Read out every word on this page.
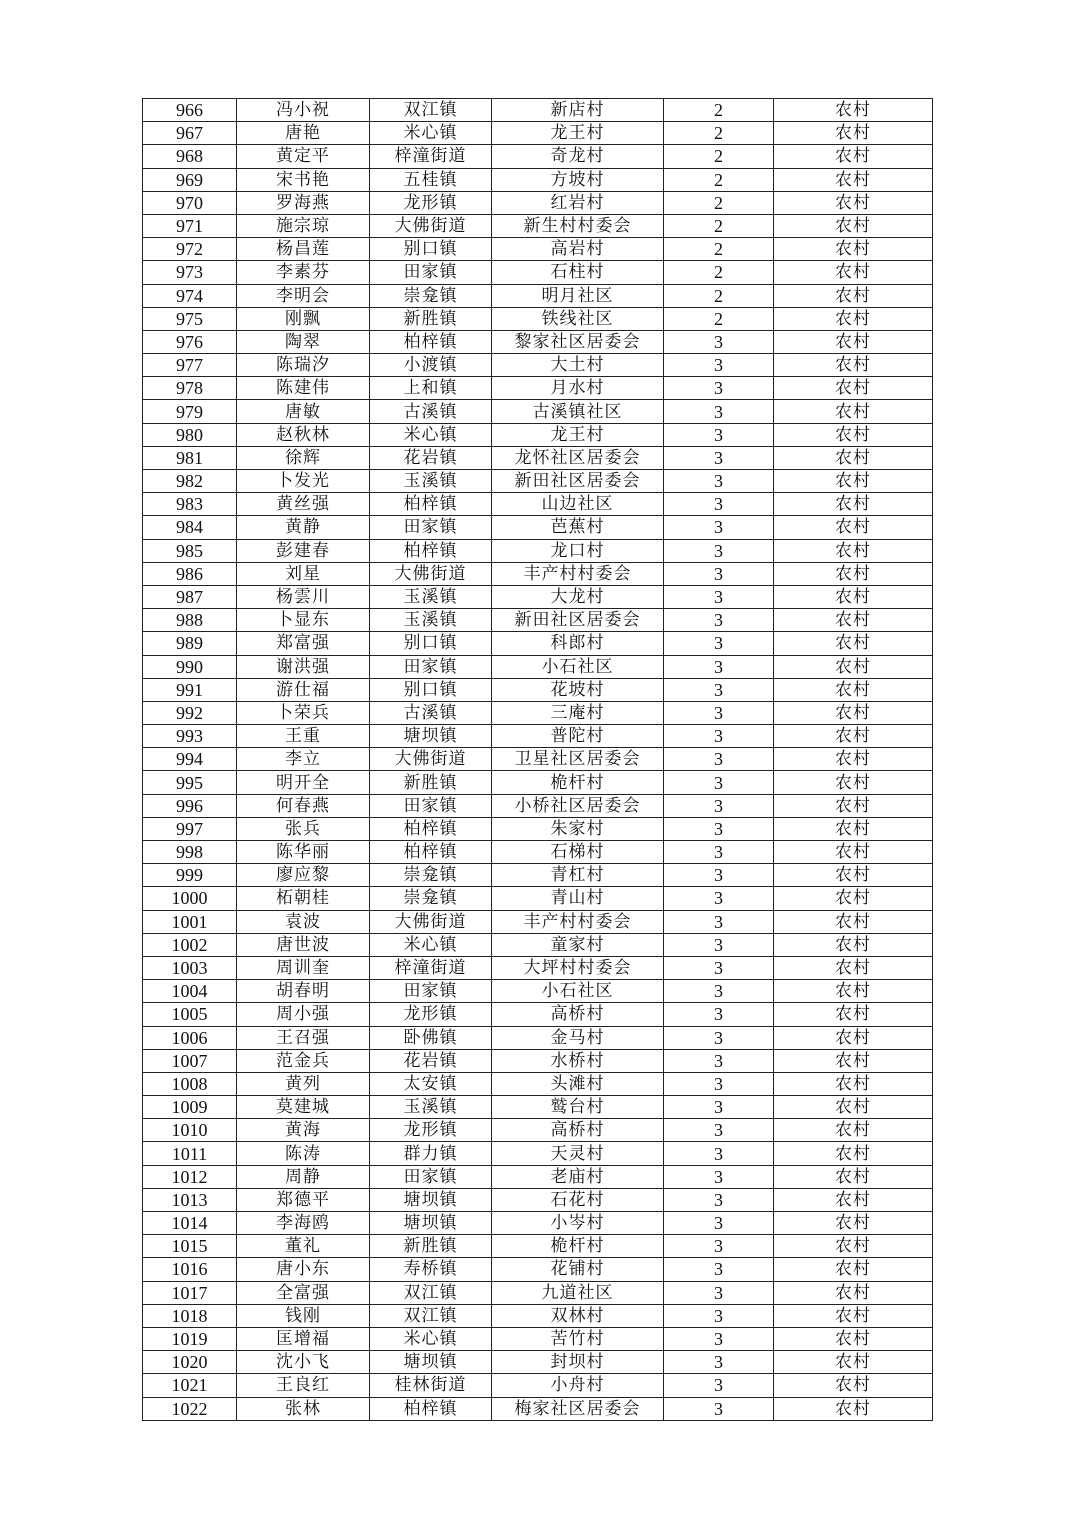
966	冯小祝	双江镇	新店村	2	农村
967	唐艳	米心镇	龙王村	2	农村
968	黄定平	梓潼街道	奇龙村	2	农村
969	宋书艳	五桂镇	方坡村	2	农村
970	罗海燕	龙形镇	红岩村	2	农村
971	施宗琼	大佛街道	新生村村委会	2	农村
972	杨昌莲	别口镇	高岩村	2	农村
973	李素芬	田家镇	石柱村	2	农村
974	李明会	崇龛镇	明月社区	2	农村
975	刚飘	新胜镇	铁线社区	2	农村
976	陶翠	柏梓镇	黎家社区居委会	3	农村
977	陈瑞汐	小渡镇	大土村	3	农村
978	陈建伟	上和镇	月水村	3	农村
979	唐敏	古溪镇	古溪镇社区	3	农村
980	赵秋林	米心镇	龙王村	3	农村
981	徐辉	花岩镇	龙怀社区居委会	3	农村
982	卜发光	玉溪镇	新田社区居委会	3	农村
983	黄丝强	柏梓镇	山边社区	3	农村
984	黄静	田家镇	芭蕉村	3	农村
985	彭建春	柏梓镇	龙口村	3	农村
986	刘星	大佛街道	丰产村村委会	3	农村
987	杨雲川	玉溪镇	大龙村	3	农村
988	卜显东	玉溪镇	新田社区居委会	3	农村
989	郑富强	别口镇	科郎村	3	农村
990	谢洪强	田家镇	小石社区	3	农村
991	游仕福	别口镇	花坡村	3	农村
992	卜荣兵	古溪镇	三庵村	3	农村
993	王重	塘坝镇	普陀村	3	农村
994	李立	大佛街道	卫星社区居委会	3	农村
995	明开全	新胜镇	桅杆村	3	农村
996	何春燕	田家镇	小桥社区居委会	3	农村
997	张兵	柏梓镇	朱家村	3	农村
998	陈华丽	柏梓镇	石梯村	3	农村
999	廖应黎	崇龛镇	青杠村	3	农村
1000	柘朝桂	崇龛镇	青山村	3	农村
1001	袁波	大佛街道	丰产村村委会	3	农村
1002	唐世波	米心镇	童家村	3	农村
1003	周训奎	梓潼街道	大坪村村委会	3	农村
1004	胡春明	田家镇	小石社区	3	农村
1005	周小强	龙形镇	高桥村	3	农村
1006	王召强	卧佛镇	金马村	3	农村
1007	范金兵	花岩镇	水桥村	3	农村
1008	黄列	太安镇	头滩村	3	农村
1009	莫建城	玉溪镇	鹫台村	3	农村
1010	黄海	龙形镇	高桥村	3	农村
1011	陈涛	群力镇	天灵村	3	农村
1012	周静	田家镇	老庙村	3	农村
1013	郑德平	塘坝镇	石花村	3	农村
1014	李海鸥	塘坝镇	小岑村	3	农村
1015	董礼	新胜镇	桅杆村	3	农村
1016	唐小东	寿桥镇	花铺村	3	农村
1017	全富强	双江镇	九道社区	3	农村
1018	钱刚	双江镇	双林村	3	农村
1019	匡增福	米心镇	苦竹村	3	农村
1020	沈小飞	塘坝镇	封坝村	3	农村
1021	王良红	桂林街道	小舟村	3	农村
1022	张林	柏梓镇	梅家社区居委会	3	农村
